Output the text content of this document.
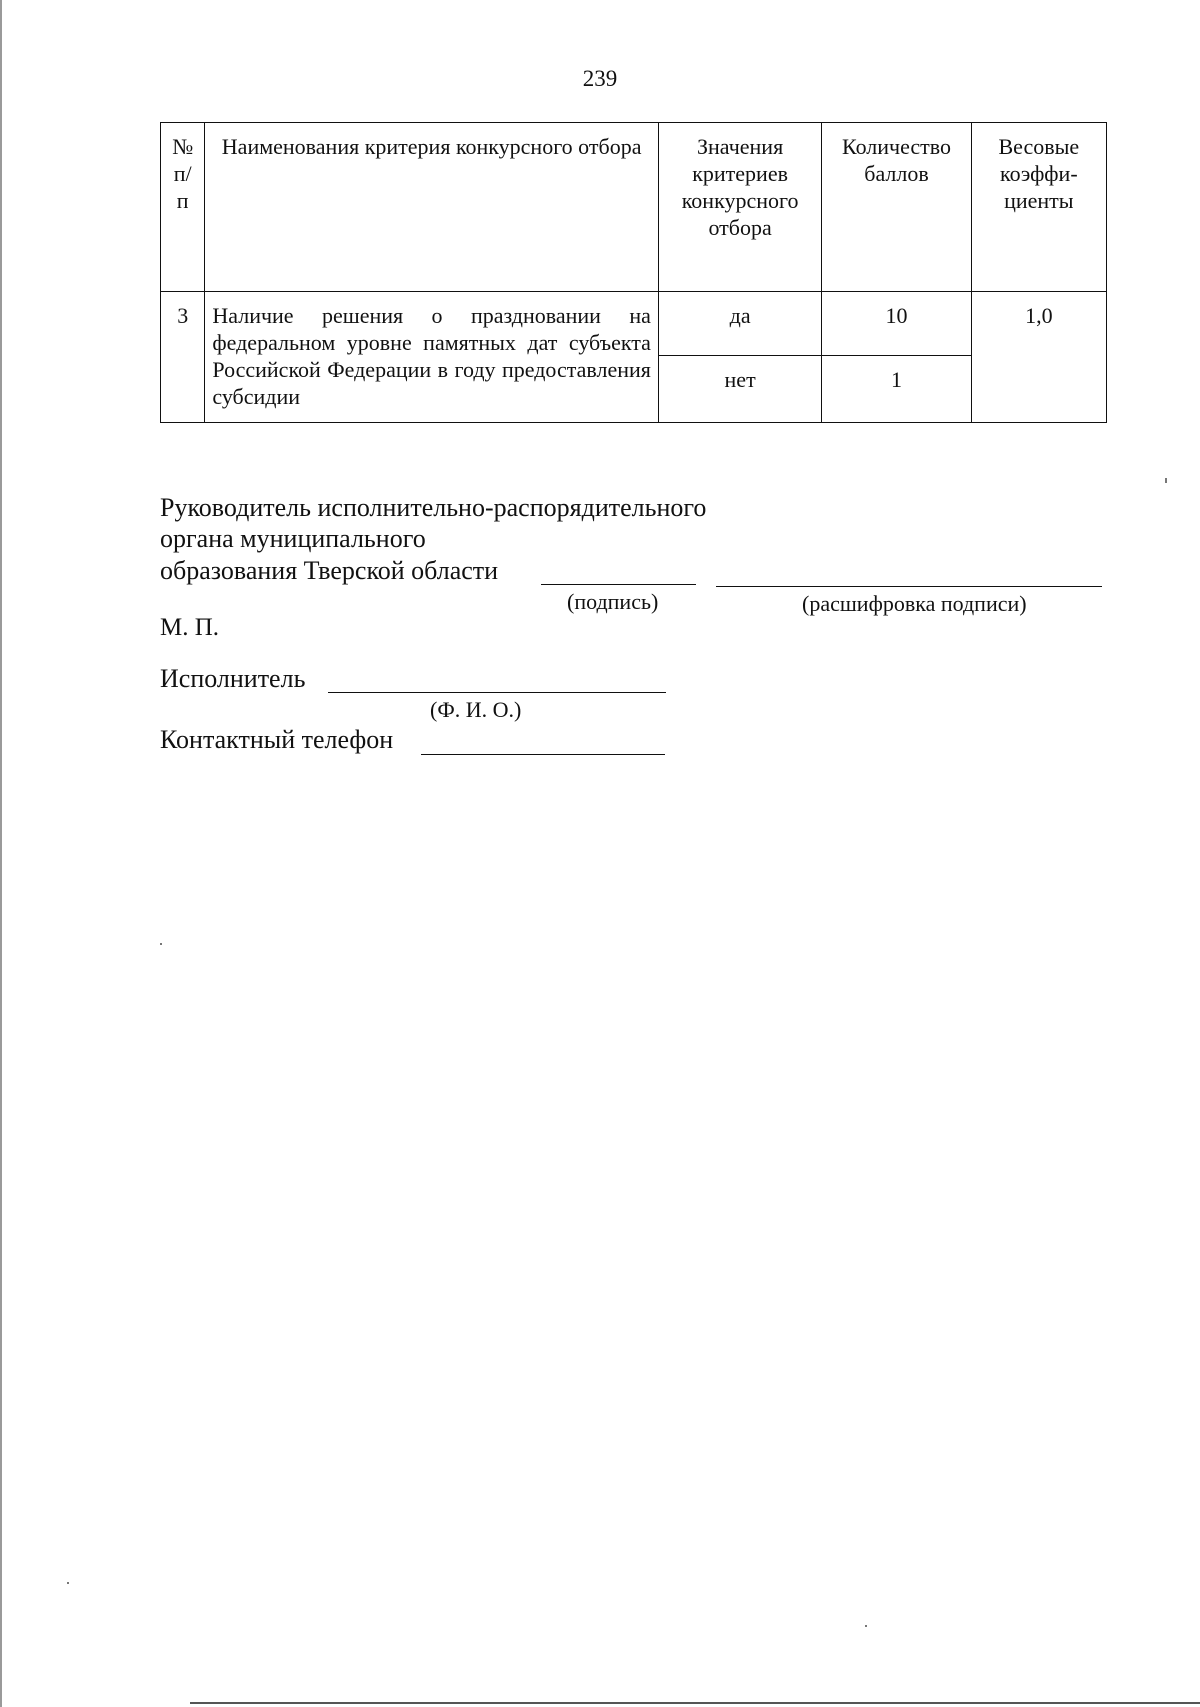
239
№ п/п	Наименования критерия конкурсного отбора	Значения критериев конкурсного отбора	Количество баллов	Весовые коэффи-циенты
3	Наличие решения о праздновании на федеральном уровне памятных дат субъекта Российской Федерации в году предоставления субсидии	да	10	1,0
		нет	1	
Руководитель исполнительно-распорядительного
органа муниципального
образования Тверской области
(подпись)	(расшифровка подписи)
М. П.
Исполнитель
(Ф. И. О.)
Контактный телефон
